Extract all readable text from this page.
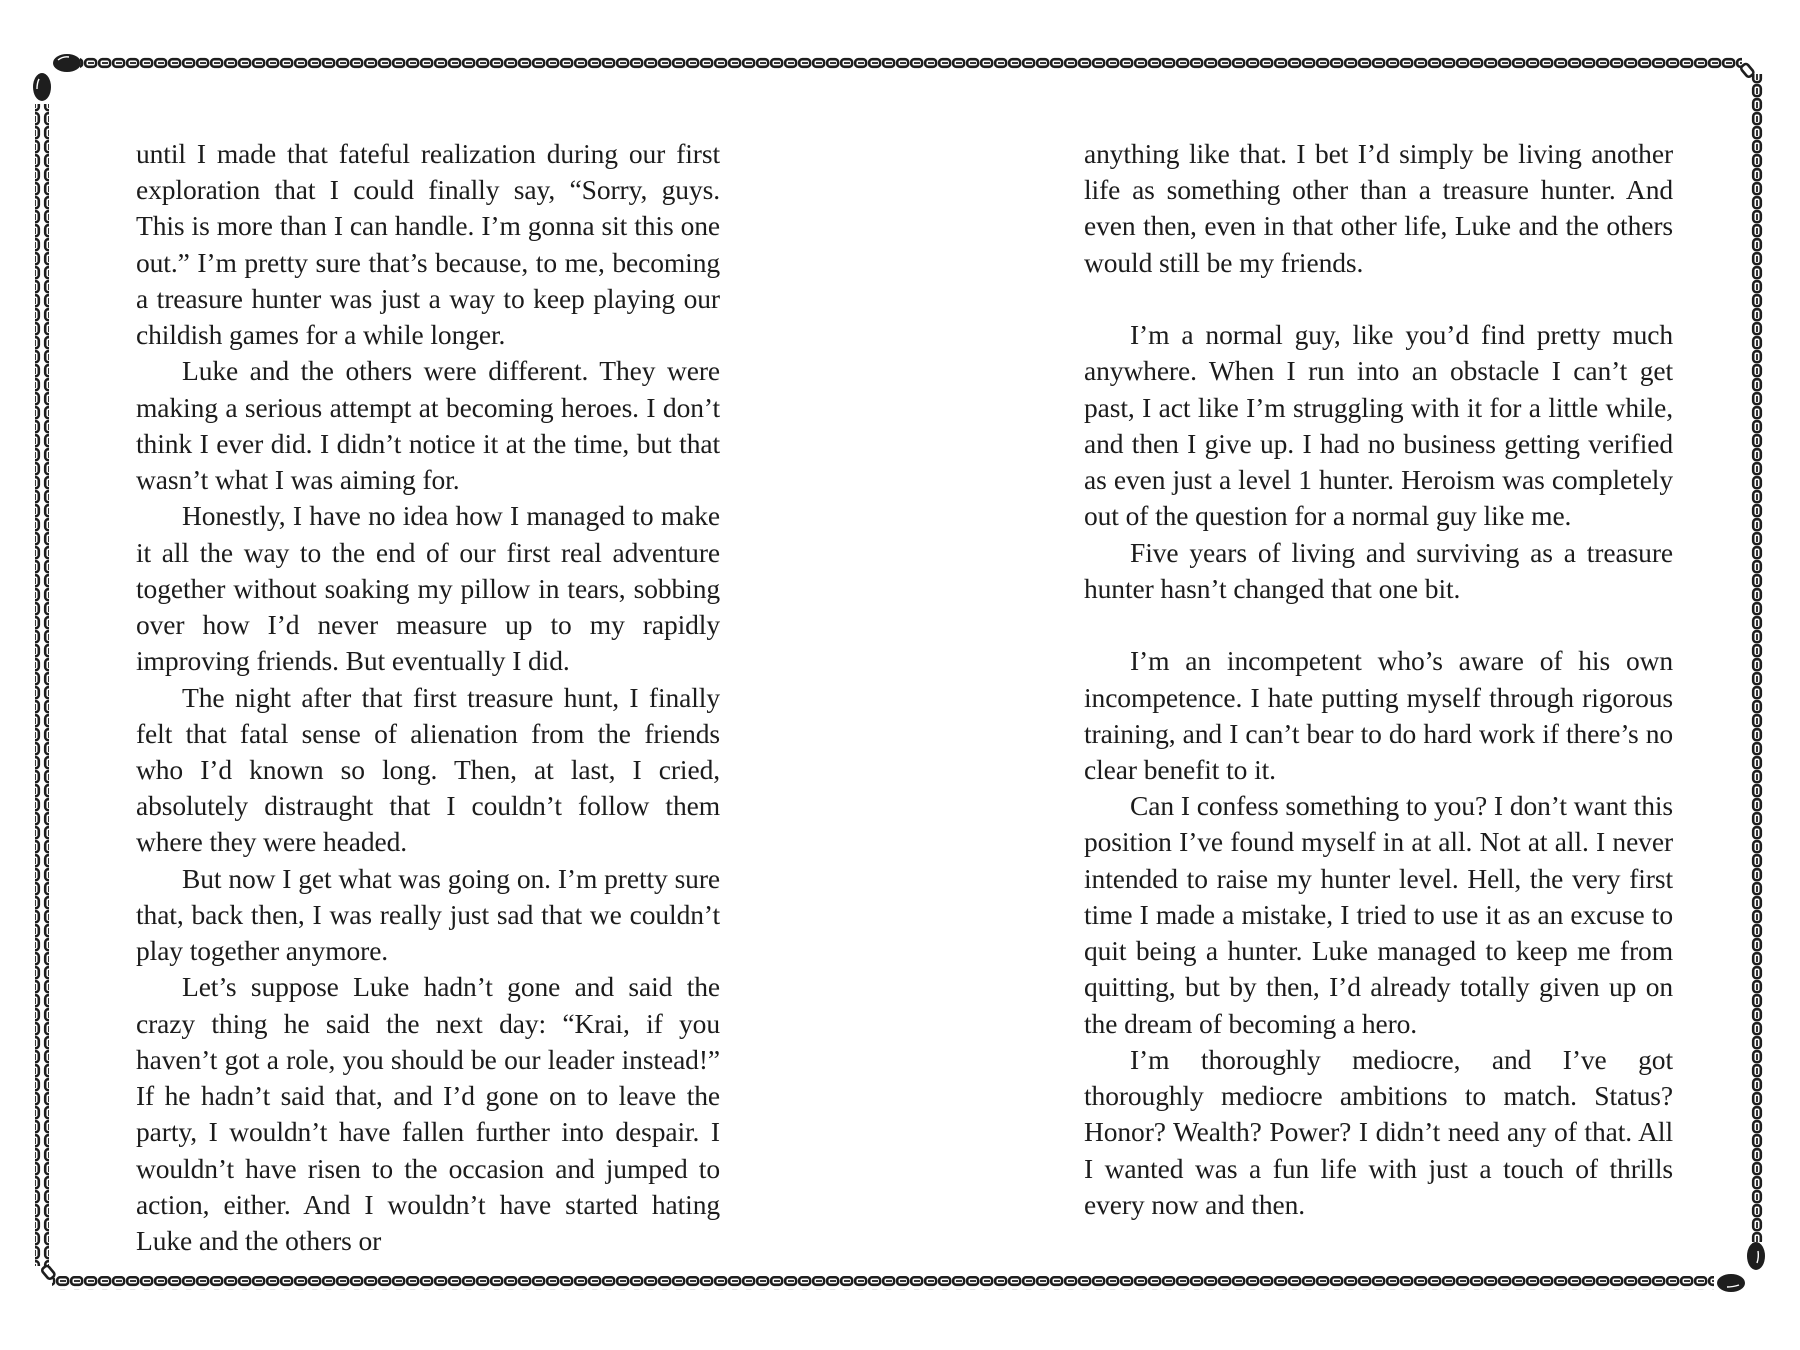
until I made that fateful realization during our first exploration that I could finally say, “Sorry, guys. This is more than I can handle. I’m gonna sit this one out.” I’m pretty sure that’s because, to me, becoming a treasure hunter was just a way to keep playing our childish games for a while longer.

Luke and the others were different. They were making a serious attempt at becoming heroes. I don’t think I ever did. I didn’t notice it at the time, but that wasn’t what I was aiming for.

Honestly, I have no idea how I managed to make it all the way to the end of our first real adventure together without soaking my pillow in tears, sobbing over how I’d never measure up to my rapidly improving friends. But eventually I did.

The night after that first treasure hunt, I finally felt that fatal sense of alienation from the friends who I’d known so long. Then, at last, I cried, absolutely distraught that I couldn’t follow them where they were headed.

But now I get what was going on. I’m pretty sure that, back then, I was really just sad that we couldn’t play together anymore.

Let’s suppose Luke hadn’t gone and said the crazy thing he said the next day: “Krai, if you haven’t got a role, you should be our leader instead!” If he hadn’t said that, and I’d gone on to leave the party, I wouldn’t have fallen further into despair. I wouldn’t have risen to the occasion and jumped to action, either. And I wouldn’t have started hating Luke and the others or

anything like that. I bet I’d simply be living another life as something other than a treasure hunter. And even then, even in that other life, Luke and the others would still be my friends.

I’m a normal guy, like you’d find pretty much anywhere. When I run into an obstacle I can’t get past, I act like I’m struggling with it for a little while, and then I give up. I had no business getting verified as even just a level 1 hunter. Heroism was completely out of the question for a normal guy like me.

Five years of living and surviving as a treasure hunter hasn’t changed that one bit.

I’m an incompetent who’s aware of his own incompetence. I hate putting myself through rigorous training, and I can’t bear to do hard work if there’s no clear benefit to it.

Can I confess something to you? I don’t want this position I’ve found myself in at all. Not at all. I never intended to raise my hunter level. Hell, the very first time I made a mistake, I tried to use it as an excuse to quit being a hunter. Luke managed to keep me from quitting, but by then, I’d already totally given up on the dream of becoming a hero.

I’m thoroughly mediocre, and I’ve got thoroughly mediocre ambitions to match. Status? Honor? Wealth? Power? I didn’t need any of that. All I wanted was a fun life with just a touch of thrills every now and then.
